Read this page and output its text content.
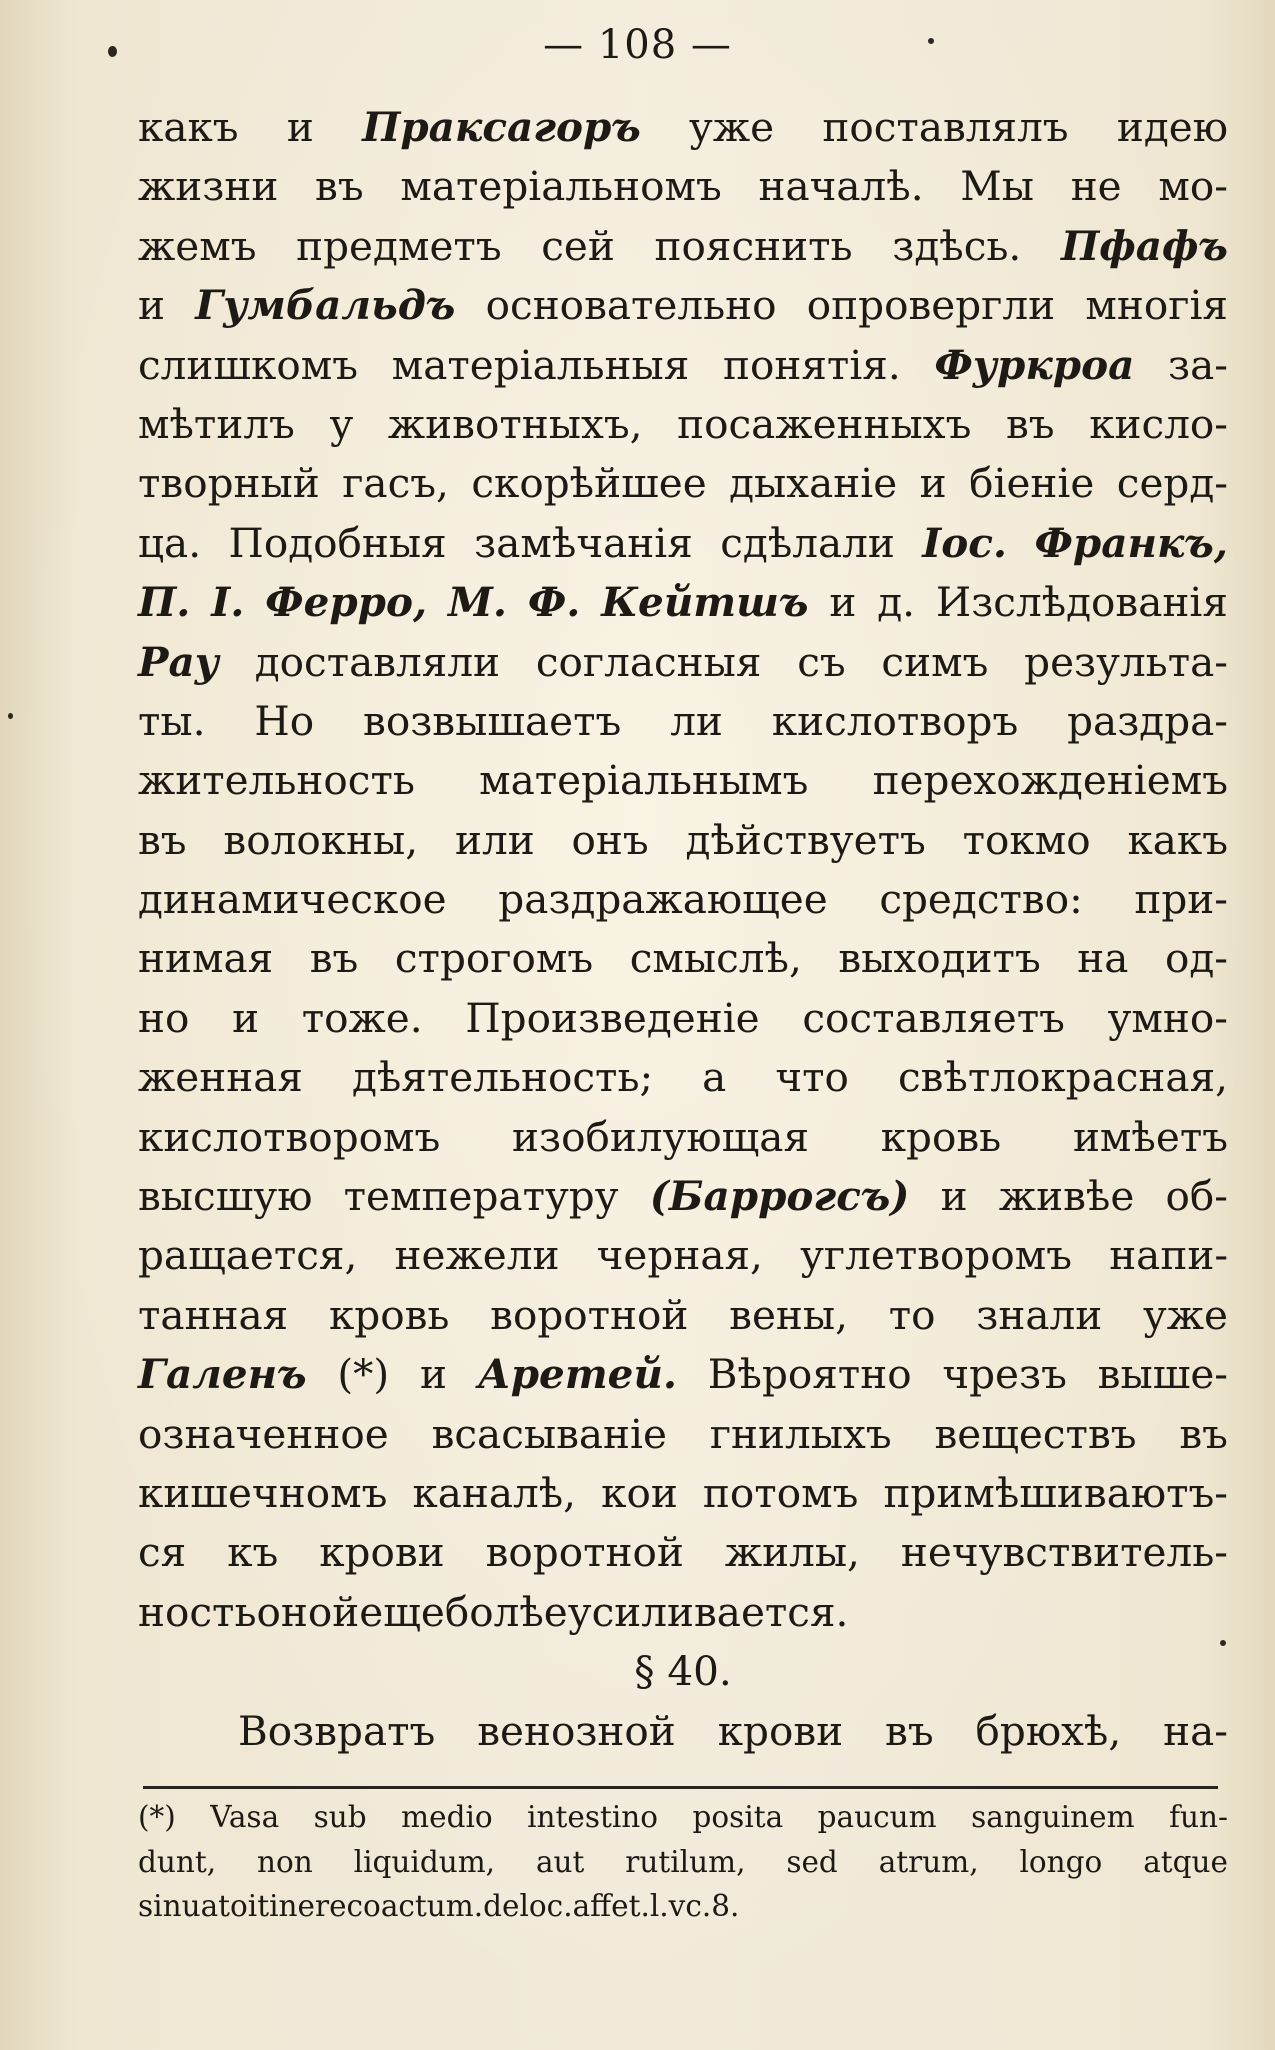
— 108 —
какъ и Праксагоръ уже поставлялъ идею
жизни въ матеріальномъ началѣ. Мы не мо-
жемъ предметъ сей пояснить здѣсь. Пфафъ
и Гумбальдъ основательно опровергли многія
слишкомъ матеріальныя понятія. Фуркроа за-
мѣтилъ у животныхъ, посаженныхъ въ кисло-
творный гасъ, скорѣйшее дыханіе и біеніе серд-
ца. Подобныя замѣчанія сдѣлали Іос. Франкъ,
П. І. Ферро, М. Ф. Кейтшъ и д. Изслѣдованія
Рау доставляли согласныя съ симъ результа-
ты. Но возвышаетъ ли кислотворъ раздра-
жительность матеріальнымъ перехожденіемъ
въ волокны, или онъ дѣйствуетъ токмо какъ
динамическое раздражающее средство: при-
нимая въ строгомъ смыслѣ, выходитъ на од-
но и тоже. Произведеніе составляетъ умно-
женная дѣятельность; а что свѣтлокрасная,
кислотворомъ изобилующая кровь имѣетъ
высшую температуру (Баррогсъ) и живѣе об-
ращается, нежели черная, углетворомъ напи-
танная кровь воротной вены, то знали уже
Галенъ (*) и Аретей. Вѣроятно чрезъ выше-
означенное всасываніе гнилыхъ веществъ въ
кишечномъ каналѣ, кои потомъ примѣшиваютъ-
ся къ крови воротной жилы, нечувствитель-
ность оной еще болѣе усиливается.
§ 40.
Возвратъ венозной крови въ брюхѣ, на-
(*) Vasa sub medio intestino posita paucum sanguinem fun-
dunt, non liquidum, aut rutilum, sed atrum, longo atque
sinuato itinere coactum. de loc. affet. l. v c. 8.
